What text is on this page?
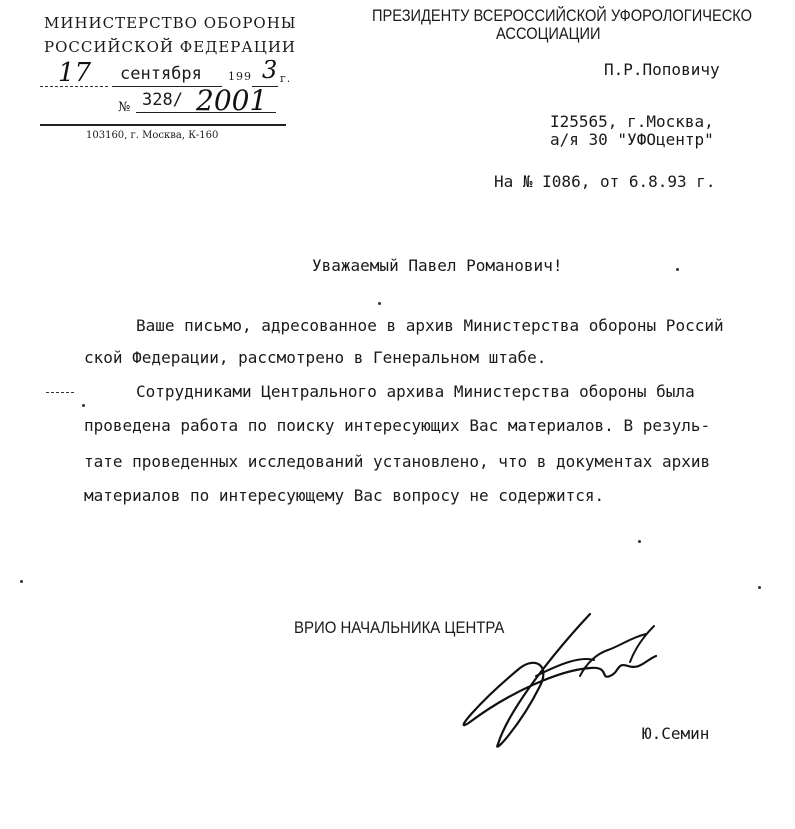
МИНИСТЕРСТВО ОБОРОНЫ
РОССИЙСКОЙ ФЕДЕРАЦИИ
17 сентября 199 3 г.
№ 328/ 2001
103160, г. Москва, К-160
ПРЕЗИДЕНТУ ВСЕРОССИЙСКОЙ УФОРОЛОГИЧЕСКО
АССОЦИАЦИИ
П.Р.Поповичу
I25565, г.Москва,
а/я 30 "УФОцентр"
На № I086, от 6.8.93 г.
Уважаемый Павел Романович!
Ваше письмо, адресованное в архив Министерства обороны Россий
ской Федерации, рассмотрено в Генеральном штабе.
Сотрудниками Центрального архива Министерства обороны была
проведена работа по поиску интересующих Вас материалов. В резуль-
тате проведенных исследований установлено, что в документах архив
материалов по интересующему Вас вопросу не содержится.
ВРИО НАЧАЛЬНИКА ЦЕНТРА
Ю.Семин
